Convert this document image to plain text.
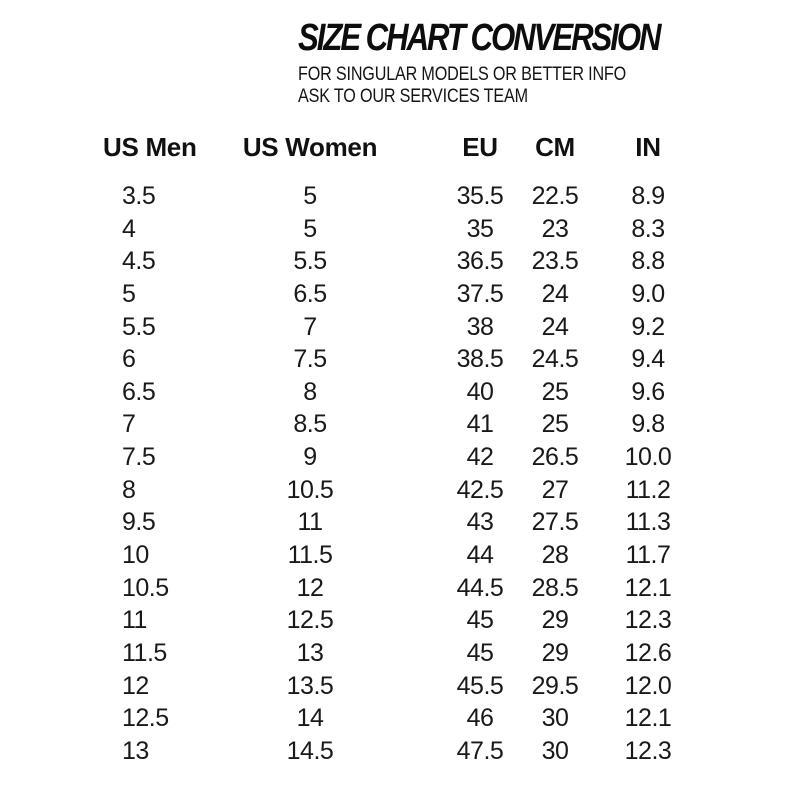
SIZE CHART CONVERSION
FOR SINGULAR MODELS OR BETTER INFO
ASK TO OUR SERVICES TEAM
US Men	US Women	EU	CM	IN
3.5	5	35.5	22.5	8.9
4	5	35	23	8.3
4.5	5.5	36.5	23.5	8.8
5	6.5	37.5	24	9.0
5.5	7	38	24	9.2
6	7.5	38.5	24.5	9.4
6.5	8	40	25	9.6
7	8.5	41	25	9.8
7.5	9	42	26.5	10.0
8	10.5	42.5	27	11.2
9.5	11	43	27.5	11.3
10	11.5	44	28	11.7
10.5	12	44.5	28.5	12.1
11	12.5	45	29	12.3
11.5	13	45	29	12.6
12	13.5	45.5	29.5	12.0
12.5	14	46	30	12.1
13	14.5	47.5	30	12.3
